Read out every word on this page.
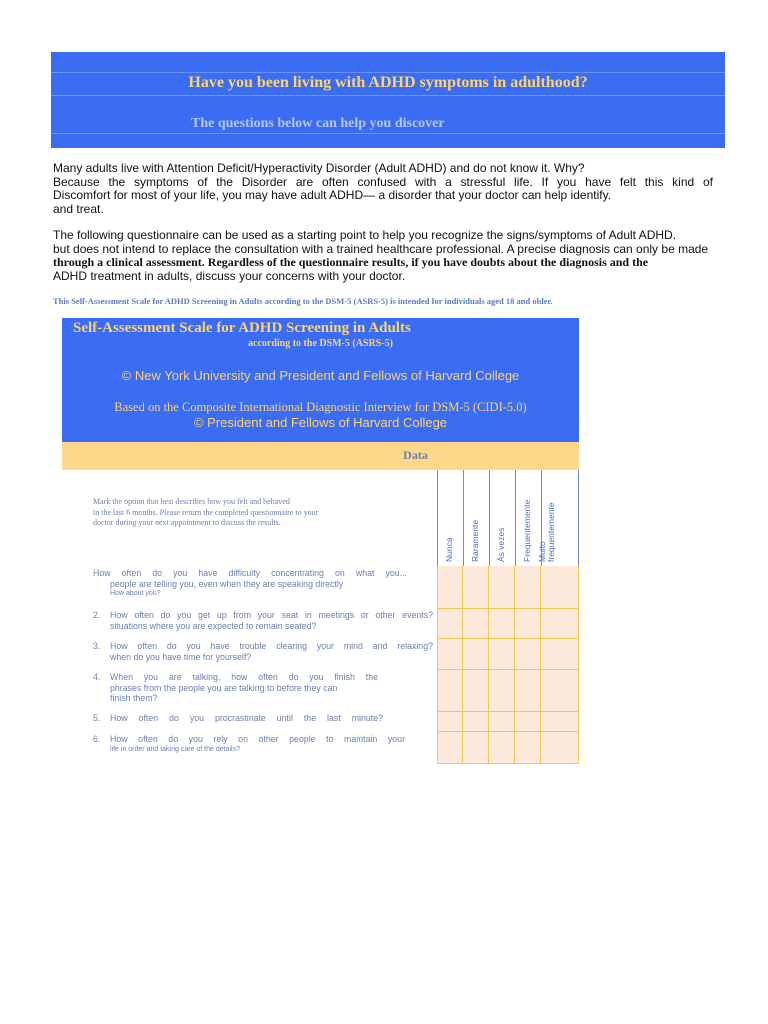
Have you been living with ADHD symptoms in adulthood?
The questions below can help you discover

Many adults live with Attention Deficit/Hyperactivity Disorder (Adult ADHD) and do not know it. Why?

Because the symptoms of the Disorder are often confused with a stressful life. If you have felt this kind of

Discomfort for most of your life, you may have adult ADHD— a disorder that your doctor can help identify.

and treat.

The following questionnaire can be used as a starting point to help you recognize the signs/symptoms of Adult ADHD.

but does not intend to replace the consultation with a trained healthcare professional. A precise diagnosis can only be made

through a clinical assessment. Regardless of the questionnaire results, if you have doubts about the diagnosis and the

ADHD treatment in adults, discuss your concerns with your doctor.

This Self-Assessment Scale for ADHD Screening in Adults according to the DSM-5 (ASRS-5) is intended for individuals aged 18 and older.
Self-Assessment Scale for ADHD Screening in Adults
according to the DSM-5 (ASRS-5)
© New York University and President and Fellows of Harvard College
Based on the Composite International Diagnostic Interview for DSM-5 (CIDI-5.0)
© President and Fellows of Harvard College
Data
Mark the option that best describes how you felt and behaved
in the last 6 months. Please return the completed questionnaire to your
doctor during your next appointment to discuss the results.
Nunca Raramente Às vezes Frequentemente Muito frequentemente
How often do you have difficulty concentrating on what you...
people are telling you, even when they are speaking directly
How about you?
2. How often do you get up from your seat in meetings or other events?
situations where you are expected to remain seated?
3. How often do you have trouble clearing your mind and relaxing?
when do you have time for yourself?
4. When you are talking, how often do you finish the
phrases from the people you are talking to before they can
finish them?
5. How often do you procrastinate until the last minute?
6. How often do you rely on other people to maintain your
life in order and taking care of the details?
